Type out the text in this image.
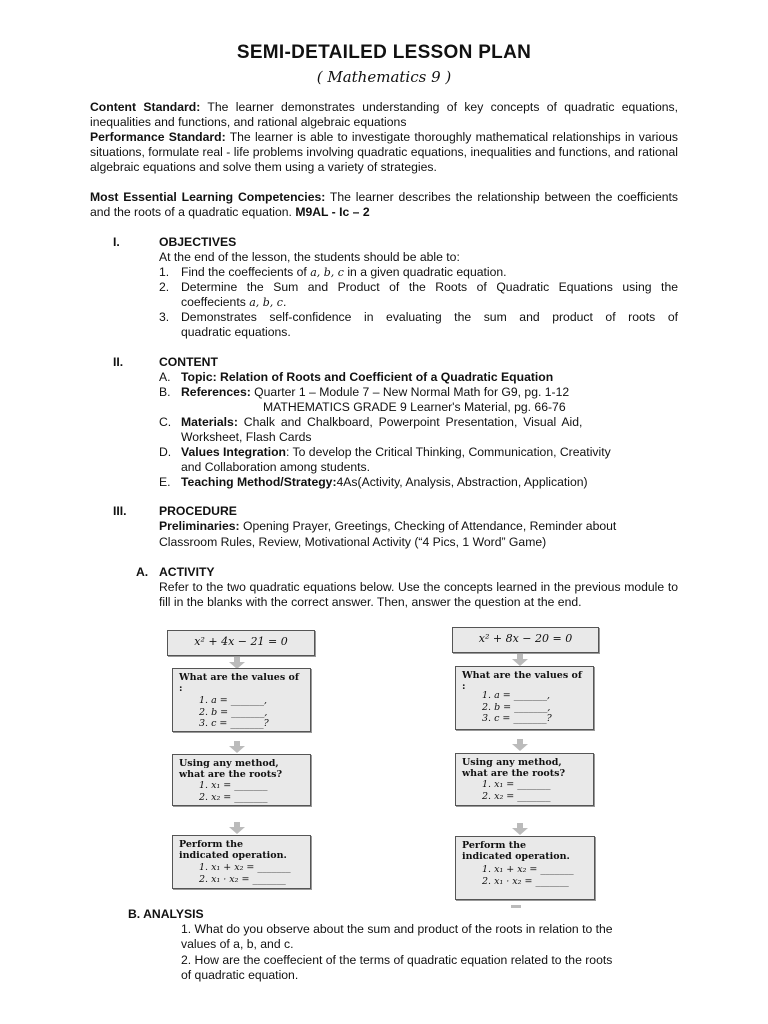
SEMI-DETAILED LESSON PLAN
( Mathematics 9 )
Content Standard: The learner demonstrates understanding of key concepts of quadratic equations, inequalities and functions, and rational algebraic equations
Performance Standard: The learner is able to investigate thoroughly mathematical relationships in various situations, formulate real - life problems involving quadratic equations, inequalities and functions, and rational algebraic equations and solve them using a variety of strategies.
Most Essential Learning Competencies: The learner describes the relationship between the coefficients and the roots of a quadratic equation. M9AL - Ic – 2
I.	OBJECTIVES
At the end of the lesson, the students should be able to:
1. Find the coeffecients of a, b, c in a given quadratic equation.
2. Determine the Sum and Product of the Roots of Quadratic Equations using the
coeffecients a, b, c.
3. Demonstrates self-confidence in evaluating the sum and product of roots of
quadratic equations.
II.	CONTENT
A. Topic: Relation of Roots and Coefficient of a Quadratic Equation
B. References: Quarter 1 – Module 7 – New Normal Math for G9, pg. 1-12
MATHEMATICS GRADE 9 Learner's Material, pg. 66-76
C. Materials: Chalk and Chalkboard, Powerpoint Presentation, Visual Aid,
Worksheet, Flash Cards
D. Values Integration: To develop the Critical Thinking, Communication, Creativity
and Collaboration among students.
E. Teaching Method/Strategy:4As(Activity, Analysis, Abstraction, Application)
III.	PROCEDURE
Preliminaries: Opening Prayer, Greetings, Checking of Attendance, Reminder about
Classroom Rules, Review, Motivational Activity (“4 Pics, 1 Word” Game)
A. ACTIVITY
Refer to the two quadratic equations below. Use the concepts learned in the previous module to fill in the blanks with the correct answer. Then, answer the question at the end.
x² + 4x − 21 = 0
What are the values of :
1. a = _______,
2. b = _______,
3. c = _______?
Using any method, what are the roots?
1. x₁ = _______
2. x₂ = _______
Perform the indicated operation.
1. x₁ + x₂ = _______
2. x₁ · x₂ = _______
x² + 8x − 20 = 0
What are the values of :
1. a = _______,
2. b = _______,
3. c = _______?
Using any method, what are the roots?
1. x₁ = _______
2. x₂ = _______
Perform the indicated operation.
1. x₁ + x₂ = _______
2. x₁ · x₂ = _______
B. ANALYSIS
1. What do you observe about the sum and product of the roots in relation to the
values of a, b, and c.
2. How are the coeffecient of the terms of quadratic equation related to the roots
of quadratic equation.
